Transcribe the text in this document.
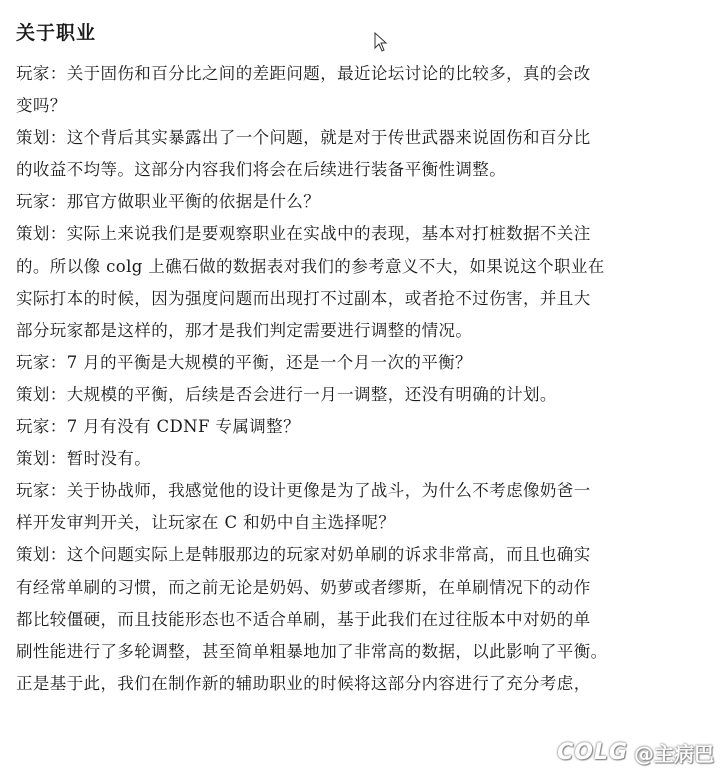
关于职业
玩家：关于固伤和百分比之间的差距问题，最近论坛讨论的比较多，真的会改
变吗？
策划：这个背后其实暴露出了一个问题，就是对于传世武器来说固伤和百分比
的收益不均等。这部分内容我们将会在后续进行装备平衡性调整。
玩家：那官方做职业平衡的依据是什么？
策划：实际上来说我们是要观察职业在实战中的表现，基本对打桩数据不关注
的。所以像 colg 上礁石做的数据表对我们的参考意义不大，如果说这个职业在
实际打本的时候，因为强度问题而出现打不过副本，或者抢不过伤害，并且大
部分玩家都是这样的，那才是我们判定需要进行调整的情况。
玩家：7 月的平衡是大规模的平衡，还是一个月一次的平衡？
策划：大规模的平衡，后续是否会进行一月一调整，还没有明确的计划。
玩家：7 月有没有 CDNF 专属调整？
策划：暂时没有。
玩家：关于协战师，我感觉他的设计更像是为了战斗，为什么不考虑像奶爸一
样开发审判开关，让玩家在 C 和奶中自主选择呢？
策划：这个问题实际上是韩服那边的玩家对奶单刷的诉求非常高，而且也确实
有经常单刷的习惯，而之前无论是奶妈、奶萝或者缪斯，在单刷情况下的动作
都比较僵硬，而且技能形态也不适合单刷，基于此我们在过往版本中对奶的单
刷性能进行了多轮调整，甚至简单粗暴地加了非常高的数据，以此影响了平衡。
正是基于此，我们在制作新的辅助职业的时候将这部分内容进行了充分考虑，
COLG @主病巴
